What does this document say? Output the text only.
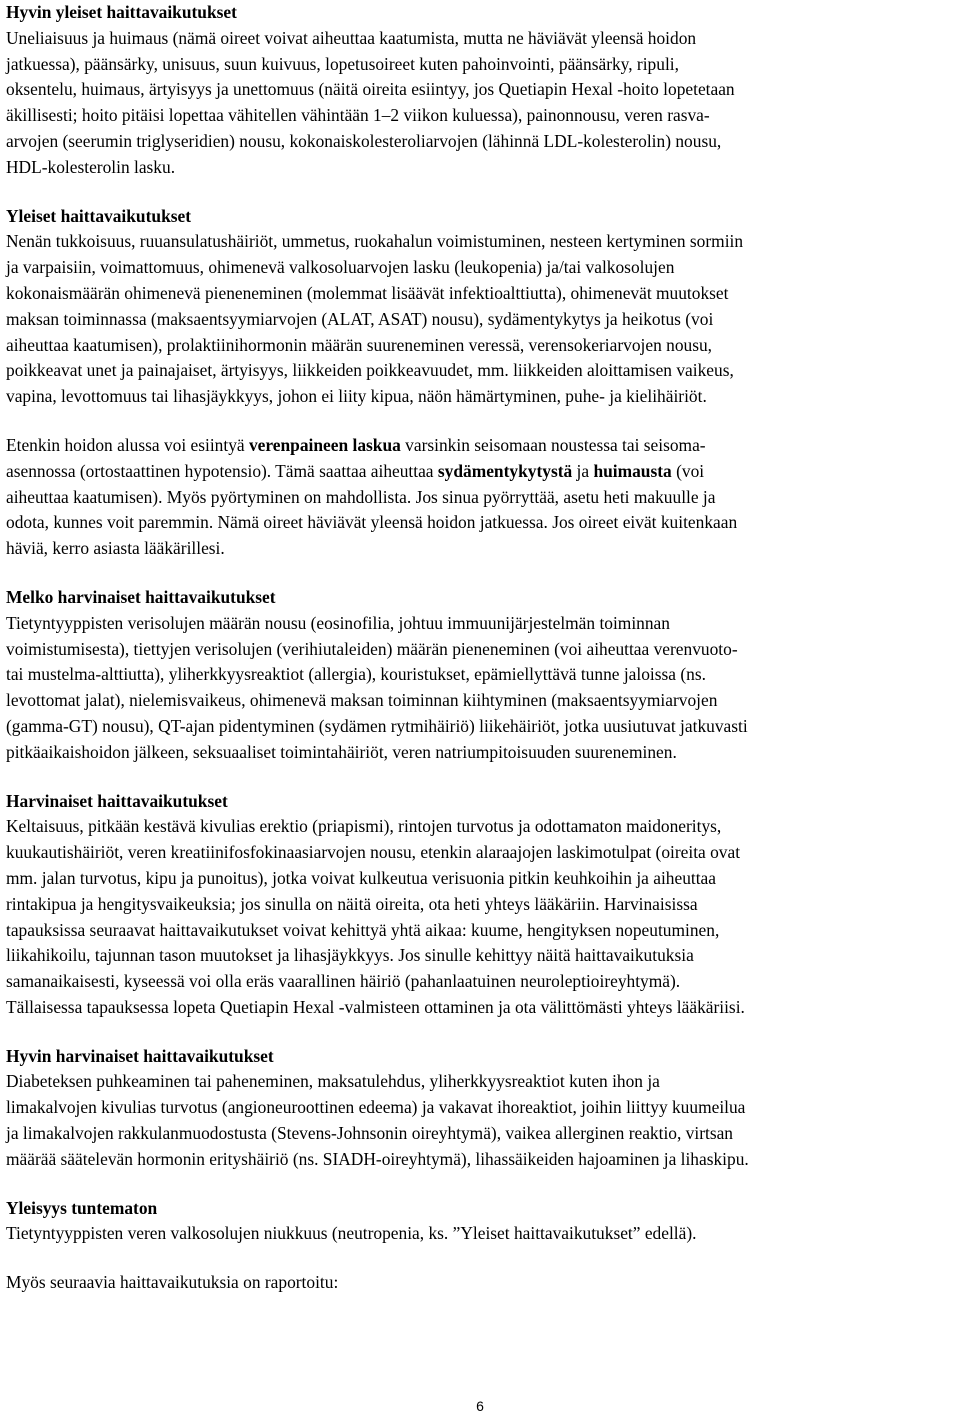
Hyvin yleiset haittavaikutukset

Uneliaisuus ja huimaus (nämä oireet voivat aiheuttaa kaatumista, mutta ne häviävät yleensä hoidon
jatkuessa), päänsärky, unisuus, suun kuivuus, lopetusoireet kuten pahoinvointi, päänsärky, ripuli,
oksentelu, huimaus, ärtyisyys ja unettomuus (näitä oireita esiintyy, jos Quetiapin Hexal -hoito lopetetaan
äkillisesti; hoito pitäisi lopettaa vähitellen vähintään 1–2 viikon kuluessa), painonnousu, veren rasva-
arvojen (seerumin triglyseridien) nousu, kokonaiskolesteroliarvojen (lähinnä LDL-kolesterolin) nousu,
HDL-kolesterolin lasku.

Yleiset haittavaikutukset

Nenän tukkoisuus, ruuansulatushäiriöt, ummetus, ruokahalun voimistuminen, nesteen kertyminen sormiin
ja varpaisiin, voimattomuus, ohimenevä valkosoluarvojen lasku (leukopenia) ja/tai valkosolujen
kokonaismäärän ohimenevä pieneneminen (molemmat lisäävät infektioalttiutta), ohimenevät muutokset
maksan toiminnassa (maksaentsyymiarvojen (ALAT, ASAT) nousu), sydämentykytys ja heikotus (voi
aiheuttaa kaatumisen), prolaktiinihormonin määrän suureneminen veressä, verensokeriarvojen nousu,
poikkeavat unet ja painajaiset, ärtyisyys, liikkeiden poikkeavuudet, mm. liikkeiden aloittamisen vaikeus,
vapina, levottomuus tai lihasjäykkyys, johon ei liity kipua, näön hämärtyminen, puhe- ja kielihäiriöt.

Etenkin hoidon alussa voi esiintyä verenpaineen laskua varsinkin seisomaan noustessa tai seisoma-
asennossa (ortostaattinen hypotensio). Tämä saattaa aiheuttaa sydämentykytystä ja huimausta (voi
aiheuttaa kaatumisen). Myös pyörtyminen on mahdollista. Jos sinua pyörryttää, asetu heti makuulle ja
odota, kunnes voit paremmin. Nämä oireet häviävät yleensä hoidon jatkuessa. Jos oireet eivät kuitenkaan
häviä, kerro asiasta lääkärillesi.

Melko harvinaiset haittavaikutukset

Tietyntyyppisten verisolujen määrän nousu (eosinofilia, johtuu immuunijärjestelmän toiminnan
voimistumisesta), tiettyjen verisolujen (verihiutaleiden) määrän pieneneminen (voi aiheuttaa verenvuoto-
tai mustelma-alttiutta), yliherkkyysreaktiot (allergia), kouristukset, epämiellyttävä tunne jaloissa (ns.
levottomat jalat), nielemisvaikeus, ohimenevä maksan toiminnan kiihtyminen (maksaentsyymiarvojen
(gamma-GT) nousu), QT-ajan pidentyminen (sydämen rytmihäiriö) liikehäiriöt, jotka uusiutuvat jatkuvasti
pitkäaikaishoidon jälkeen, seksuaaliset toimintahäiriöt, veren natriumpitoisuuden suureneminen.

Harvinaiset haittavaikutukset

Keltaisuus, pitkään kestävä kivulias erektio (priapismi), rintojen turvotus ja odottamaton maidoneritys,
kuukautishäiriöt, veren kreatiinifosfokinaasiarvojen nousu, etenkin alaraajojen laskimotulpat (oireita ovat
mm. jalan turvotus, kipu ja punoitus), jotka voivat kulkeutua verisuonia pitkin keuhkoihin ja aiheuttaa
rintakipua ja hengitysvaikeuksia; jos sinulla on näitä oireita, ota heti yhteys lääkäriin. Harvinaisissa
tapauksissa seuraavat haittavaikutukset voivat kehittyä yhtä aikaa: kuume, hengityksen nopeutuminen,
liikahikoilu, tajunnan tason muutokset ja lihasjäykkyys. Jos sinulle kehittyy näitä haittavaikutuksia
samanaikaisesti, kyseessä voi olla eräs vaarallinen häiriö (pahanlaatuinen neuroleptioireyhtymä).
Tällaisessa tapauksessa lopeta Quetiapin Hexal -valmisteen ottaminen ja ota välittömästi yhteys lääkäriisi.

Hyvin harvinaiset haittavaikutukset

Diabeteksen puhkeaminen tai paheneminen, maksatulehdus, yliherkkyysreaktiot kuten ihon ja
limakalvojen kivulias turvotus (angioneuroottinen edeema) ja vakavat ihoreaktiot, joihin liittyy kuumeilua
ja limakalvojen rakkulanmuodostusta (Stevens-Johnsonin oireyhtymä), vaikea allerginen reaktio, virtsan
määrää säätelevän hormonin erityshäiriö (ns. SIADH-oireyhtymä), lihassäikeiden hajoaminen ja lihaskipu.

Yleisyys tuntematon

Tietyntyyppisten veren valkosolujen niukkuus (neutropenia, ks. ”Yleiset haittavaikutukset” edellä).

Myös seuraavia haittavaikutuksia on raportoitu:

6
